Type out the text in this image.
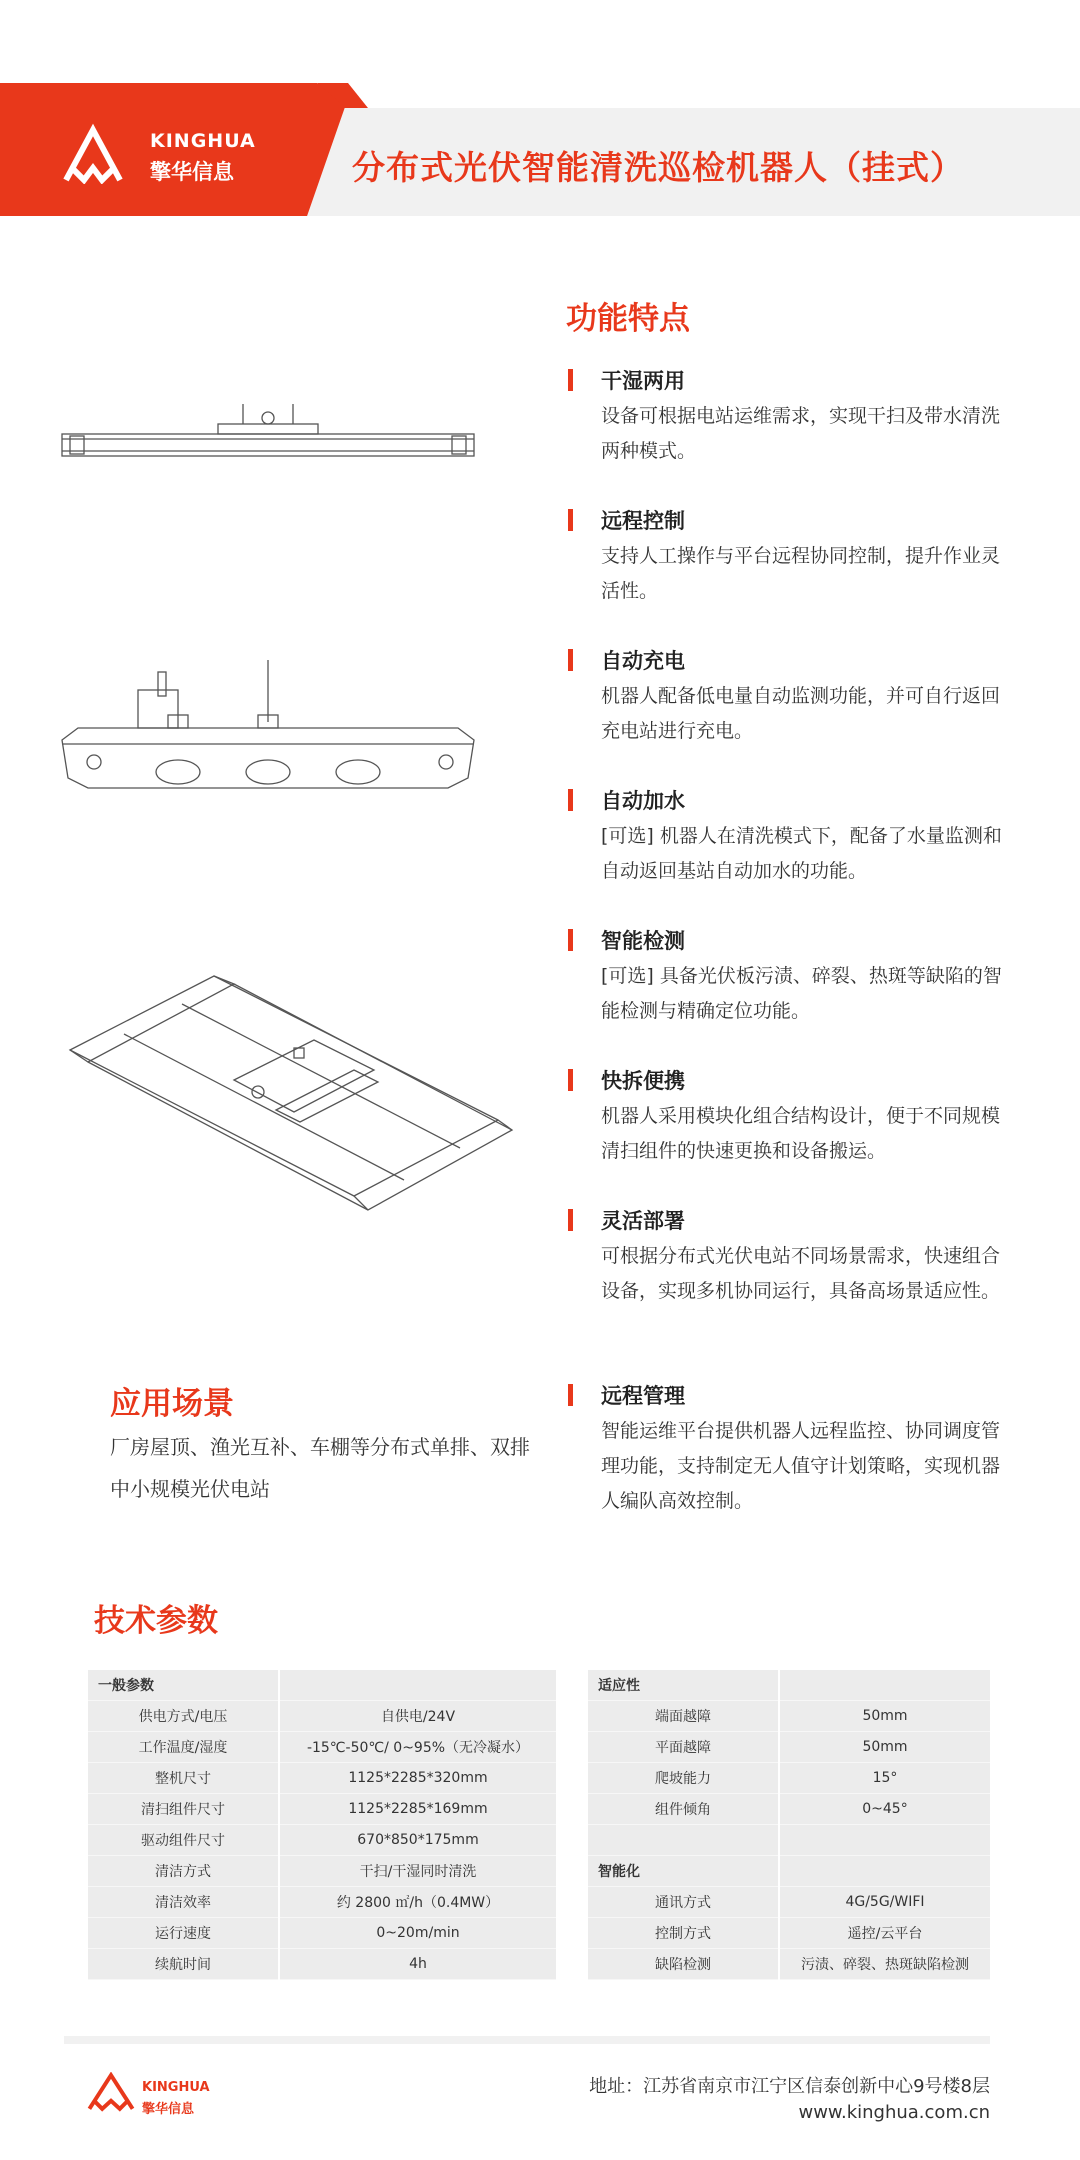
KINGHUA
擎华信息	分布式光伏智能清洗巡检机器人（挂式）
功能特点
干湿两用
设备可根据电站运维需求，实现干扫及带水清洗两种模式。
远程控制
支持人工操作与平台远程协同控制，提升作业灵活性。
自动充电
机器人配备低电量自动监测功能，并可自行返回充电站进行充电。
自动加水
[可选] 机器人在清洗模式下，配备了水量监测和自动返回基站自动加水的功能。
智能检测
[可选] 具备光伏板污渍、碎裂、热斑等缺陷的智能检测与精确定位功能。
快拆便携
机器人采用模块化组合结构设计，便于不同规模清扫组件的快速更换和设备搬运。
灵活部署
可根据分布式光伏电站不同场景需求，快速组合设备，实现多机协同运行，具备高场景适应性。
远程管理
智能运维平台提供机器人远程监控、协同调度管理功能，支持制定无人值守计划策略，实现机器人编队高效控制。
应用场景
厂房屋顶、渔光互补、车棚等分布式单排、双排中小规模光伏电站
技术参数
一般参数	
供电方式/电压	自供电/24V
工作温度/湿度	-15℃-50℃/ 0~95%（无冷凝水）
整机尺寸	1125*2285*320mm
清扫组件尺寸	1125*2285*169mm
驱动组件尺寸	670*850*175mm
清洁方式	干扫/干湿同时清洗
清洁效率	约 2800 ㎡/h（0.4MW）
运行速度	0~20m/min
续航时间	4h
适应性	
端面越障	50mm
平面越障	50mm
爬坡能力	15°
组件倾角	0~45°

智能化	
通讯方式	4G/5G/WIFI
控制方式	遥控/云平台
缺陷检测	污渍、碎裂、热斑缺陷检测
KINGHUA
擎华信息
地址：江苏省南京市江宁区信泰创新中心9号楼8层
www.kinghua.com.cn
